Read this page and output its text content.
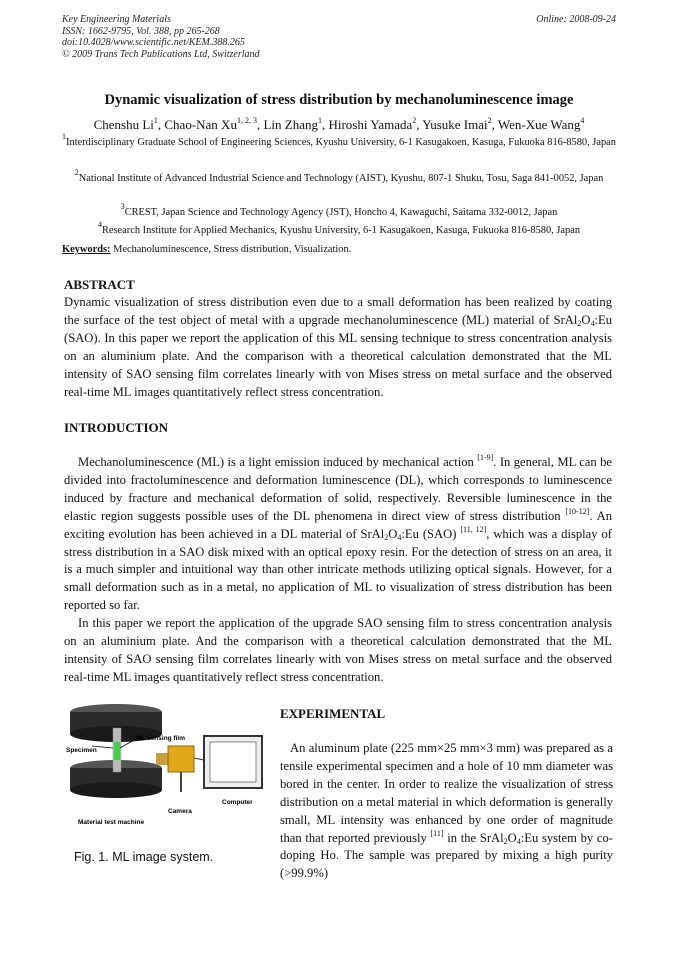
Key Engineering Materials
ISSN: 1662-9795, Vol. 388, pp 265-268
doi:10.4028/www.scientific.net/KEM.388.265
© 2009 Trans Tech Publications Ltd, Switzerland
Online: 2008-09-24
Dynamic visualization of stress distribution by mechanoluminescence image
Chenshu Li$^1$, Chao-Nan Xu$^{1, 2, 3}$, Lin Zhang$^1$, Hiroshi Yamada$^2$, Yusuke Imai$^2$, Wen-Xue Wang$^4$
$^1$Interdisciplinary Graduate School of Engineering Sciences, Kyushu University, 6-1 Kasugakoen, Kasuga, Fukuoka 816-8580, Japan
$^2$National Institute of Advanced Industrial Science and Technology (AIST), Kyushu, 807-1 Shuku, Tosu, Saga 841-0052, Japan
$^3$CREST, Japan Science and Technology Agency (JST), Honcho 4, Kawaguchi, Saitama 332-0012, Japan
$^4$Research Institute for Applied Mechanics, Kyushu University, 6-1 Kasugakoen, Kasuga, Fukuoka 816-8580, Japan
Keywords: Mechanoluminescence, Stress distribution, Visualization.
ABSTRACT
Dynamic visualization of stress distribution even due to a small deformation has been realized by coating the surface of the test object of metal with a upgrade mechanoluminescence (ML) material of $SrAl_2O_4:Eu$ (SAO). In this paper we report the application of this ML sensing technique to stress concentration analysis on an aluminium plate. And the comparison with a theoretical calculation demonstrated that the ML intensity of SAO sensing film correlates linearly with von Mises stress on metal surface and the observed real-time ML images quantitatively reflect stress concentration.
INTRODUCTION

Mechanoluminescence (ML) is a light emission induced by mechanical action [1-9]. In general, ML can be divided into fractoluminescence and deformation luminescence (DL), which corresponds to luminescence induced by fracture and mechanical deformation of solid, respectively. Reversible luminescence in the elastic region suggests possible uses of the DL phenomena in direct view of stress distribution [10-12]. An exciting evolution has been achieved in a DL material of $SrAl_2O_4:Eu$ (SAO) [11, 12], which was a display of stress distribution in a SAO disk mixed with an optical epoxy resin. For the detection of stress on an area, it is a much simpler and intuitional way than other intricate methods utilizing optical signals. However, for a small deformation such as in a metal, no application of ML to visualization of stress distribution has been reported so far.

In this paper we report the application of the upgrade SAO sensing film to stress concentration analysis on an aluminium plate. And the comparison with a theoretical calculation demonstrated that the ML intensity of SAO sensing film correlates linearly with von Mises stress on metal surface and the observed real-time ML images quantitatively reflect stress concentration.

ML sensing film
Specimen
Camera
Computer
Material test machine
Fig. 1. ML image system.
EXPERIMENTAL

An aluminum plate (225 mm×25 mm×3 mm) was prepared as a tensile experimental specimen and a hole of 10 mm diameter was bored in the center. In order to realize the visualization of stress distribution on a metal material in which deformation is generally small, ML intensity was enhanced by one order of magnitude than that reported previously [11] in the $SrAl_2O_4:Eu$ system by co-doping Ho. The sample was prepared by mixing a high purity (>99.9%)
